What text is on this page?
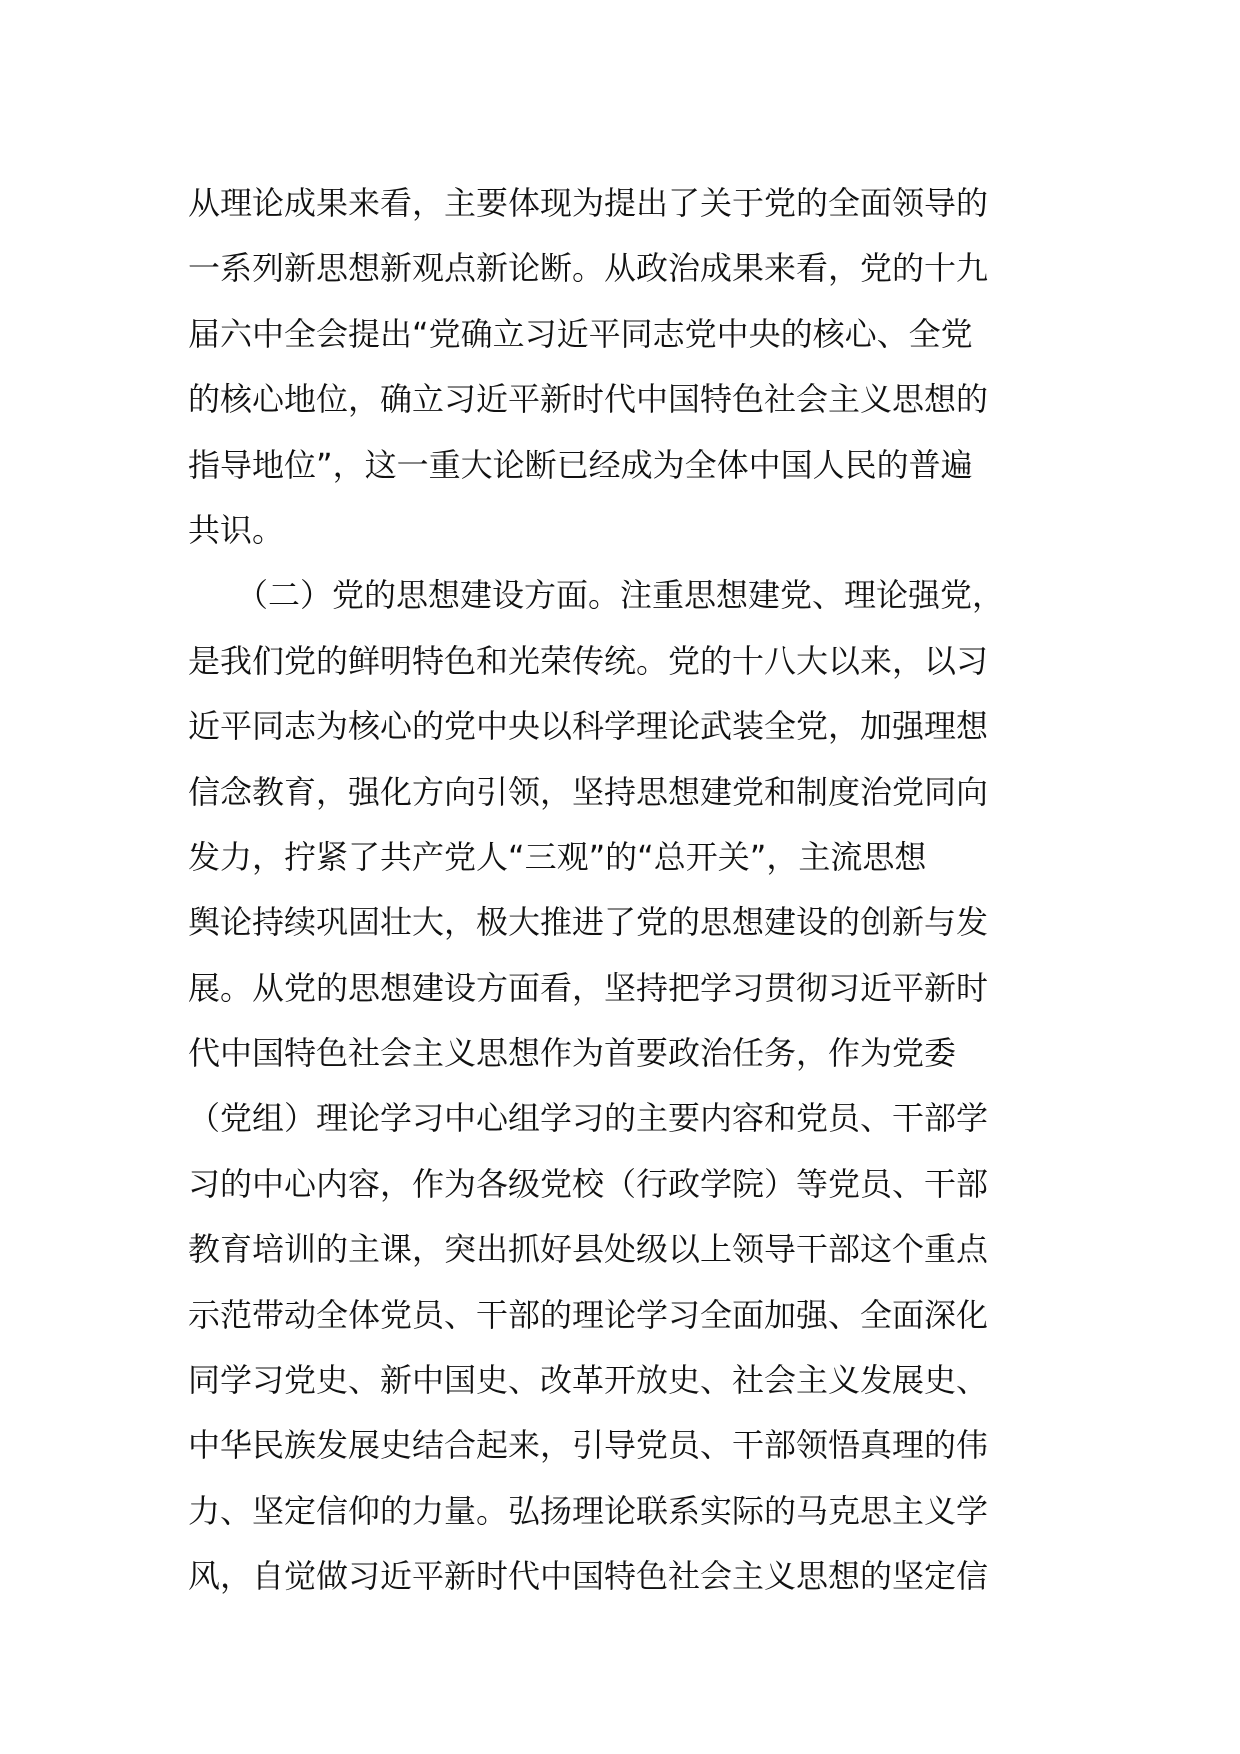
从理论成果来看，主要体现为提出了关于党的全面领导的
一系列新思想新观点新论断。从政治成果来看，党的十九
届六中全会提出“党确立习近平同志党中央的核心、全党
的核心地位，确立习近平新时代中国特色社会主义思想的
指导地位”，这一重大论断已经成为全体中国人民的普遍
共识。
　　（二）党的思想建设方面。注重思想建党、理论强党，
是我们党的鲜明特色和光荣传统。党的十八大以来，以习
近平同志为核心的党中央以科学理论武装全党，加强理想
信念教育，强化方向引领，坚持思想建党和制度治党同向
发力，拧紧了共产党人“三观”的“总开关”，主流思想
舆论持续巩固壮大，极大推进了党的思想建设的创新与发
展。从党的思想建设方面看，坚持把学习贯彻习近平新时
代中国特色社会主义思想作为首要政治任务，作为党委
（党组）理论学习中心组学习的主要内容和党员、干部学
习的中心内容，作为各级党校（行政学院）等党员、干部
教育培训的主课，突出抓好县处级以上领导干部这个重点
示范带动全体党员、干部的理论学习全面加强、全面深化
同学习党史、新中国史、改革开放史、社会主义发展史、
中华民族发展史结合起来，引导党员、干部领悟真理的伟
力、坚定信仰的力量。弘扬理论联系实际的马克思主义学
风，自觉做习近平新时代中国特色社会主义思想的坚定信
